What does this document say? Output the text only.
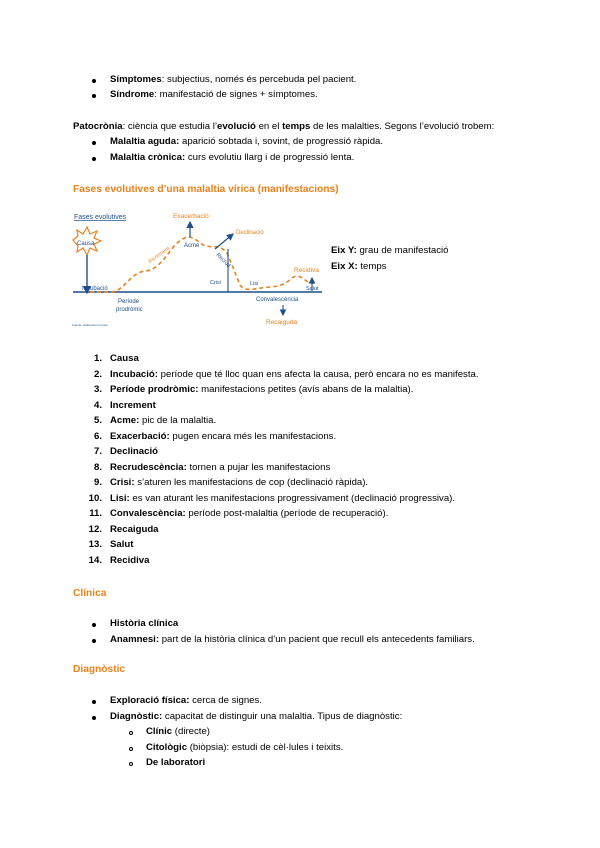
Símptomes: subjectius, només és percebuda pel pacient.
Síndrome: manifestació de signes + símptomes.
Patocrònia: ciència que estudia l’evolució en el temps de les malalties. Segons l’evolució trobem:
Malaltia aguda: aparició sobtada i, sovint, de progressió ràpida.
Malaltia crònica: curs evolutiu llarg i de progressió lenta.
Fases evolutives d’una malaltia vírica (manifestacions)
Fases evolutives
Causa
Incubació
Període
prodròmic
Increment
Exacerbació
Acme
Declinació
Recrud.
Crisi	Lisi
Recidiva
Salut
Convalescència
Recaiguda
Fuente: elaboración propia
Eix Y: grau de manifestació
Eix X: temps
1. Causa
2. Incubació: període que té lloc quan ens afecta la causa, però encara no es manifesta.
3. Període prodròmic: manifestacions petites (avís abans de la malaltia).
4. Increment
5. Acme: pic de la malaltia.
6. Exacerbació: pugen encara més les manifestacions.
7. Declinació
8. Recrudescència: tornen a pujar les manifestacions
9. Crisi: s’aturen les manifestacions de cop (declinació ràpida).
10. Lisi: es van aturant les manifestacions progressivament (declinació progressiva).
11. Convalescència: període post-malaltia (període de recuperació).
12. Recaiguda
13. Salut
14. Recidiva
Clínica
Història clínica
Anamnesi: part de la història clínica d’un pacient que recull els antecedents familiars.
Diagnòstic
Exploració física: cerca de signes.
Diagnòstic: capacitat de distinguir una malaltia. Tipus de diagnòstic:
Clínic (directe)
Citològic (biòpsia): estudi de cèl·lules i teixits.
De laboratori
